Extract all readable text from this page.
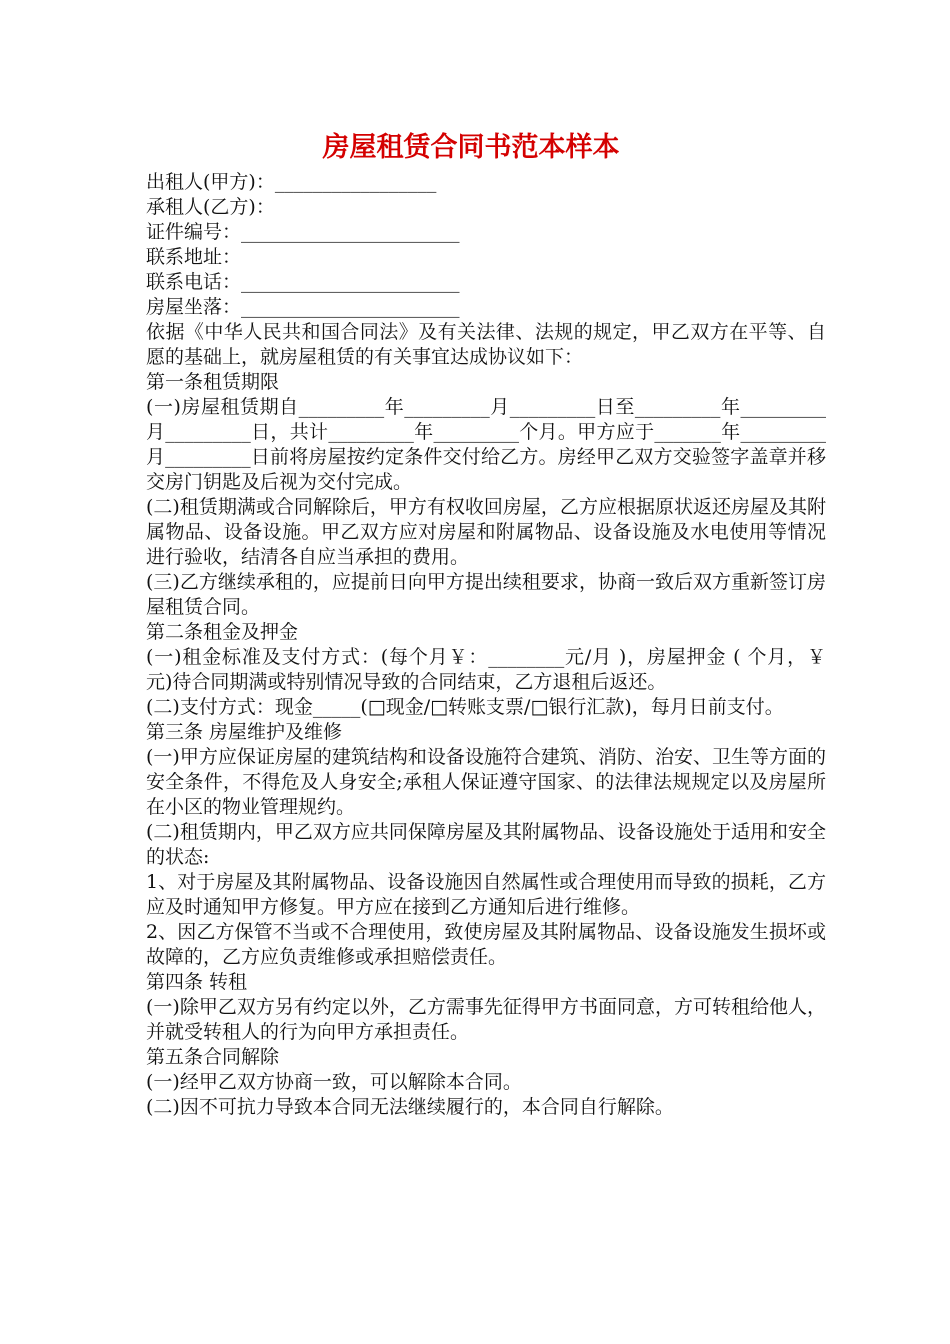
房屋租赁合同书范本样本

出租人(甲方)：_________________

承租人(乙方)：

证件编号：_______________________

联系地址：

联系电话：_______________________

房屋坐落：_______________________

依据《中华人民共和国合同法》及有关法律、法规的规定，甲乙双方在平等、自愿的基础上，就房屋租赁的有关事宜达成协议如下：

第一条租赁期限

(一)房屋租赁期自_________年_________月_________日至_________年_________月_________日，共计_________年_________个月。甲方应于_______年_________月_________日前将房屋按约定条件交付给乙方。房经甲乙双方交验签字盖章并移交房门钥匙及后视为交付完成。

(二)租赁期满或合同解除后，甲方有权收回房屋，乙方应根据原状返还房屋及其附属物品、设备设施。甲乙双方应对房屋和附属物品、设备设施及水电使用等情况进行验收，结清各自应当承担的费用。

(三)乙方继续承租的，应提前日向甲方提出续租要求，协商一致后双方重新签订房屋租赁合同。

第二条租金及押金

(一)租金标准及支付方式：(每个月￥：________元/月 )，房屋押金 ( 个月，￥ 元)待合同期满或特别情况导致的合同结束，乙方退租后返还。

(二)支付方式：现金_____(□现金/□转账支票/□银行汇款)，每月日前支付。

第三条 房屋维护及维修

(一)甲方应保证房屋的建筑结构和设备设施符合建筑、消防、治安、卫生等方面的安全条件，不得危及人身安全;承租人保证遵守国家、的法律法规规定以及房屋所在小区的物业管理规约。

(二)租赁期内，甲乙双方应共同保障房屋及其附属物品、设备设施处于适用和安全的状态:

1、对于房屋及其附属物品、设备设施因自然属性或合理使用而导致的损耗，乙方应及时通知甲方修复。甲方应在接到乙方通知后进行维修。

2、因乙方保管不当或不合理使用，致使房屋及其附属物品、设备设施发生损坏或故障的，乙方应负责维修或承担赔偿责任。

第四条 转租

(一)除甲乙双方另有约定以外，乙方需事先征得甲方书面同意，方可转租给他人，并就受转租人的行为向甲方承担责任。

第五条合同解除

(一)经甲乙双方协商一致，可以解除本合同。

(二)因不可抗力导致本合同无法继续履行的，本合同自行解除。
